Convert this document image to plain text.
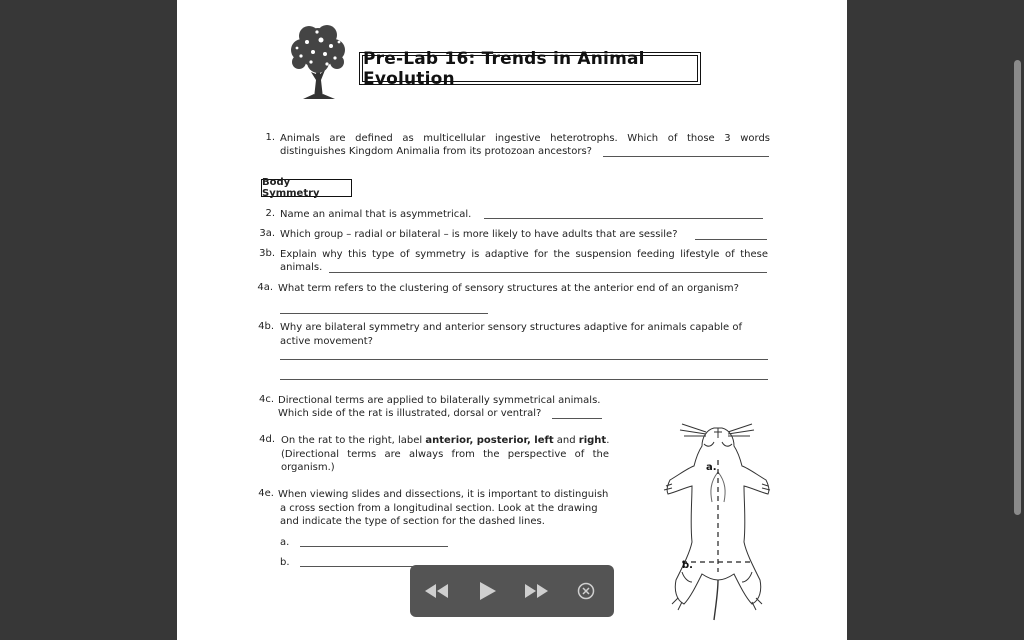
Pre-Lab 16: Trends in Animal Evolution
1. Animals are defined as multicellular ingestive heterotrophs. Which of those 3 words
distinguishes Kingdom Animalia from its protozoan ancestors?
Body Symmetry
2. Name an animal that is asymmetrical.
3a. Which group – radial or bilateral – is more likely to have adults that are sessile?
3b. Explain why this type of symmetry is adaptive for the suspension feeding lifestyle of these
animals.
4a. What term refers to the clustering of sensory structures at the anterior end of an organism?
4b. Why are bilateral symmetry and anterior sensory structures adaptive for animals capable of
active movement?
4c. Directional terms are applied to bilaterally symmetrical animals.
Which side of the rat is illustrated, dorsal or ventral?
4d. On the rat to the right, label anterior, posterior, left and right.
(Directional terms are always from the perspective of the
organism.)
4e. When viewing slides and dissections, it is important to distinguish
a cross section from a longitudinal section. Look at the drawing
and indicate the type of section for the dashed lines.
a.
b.
a.
b.
